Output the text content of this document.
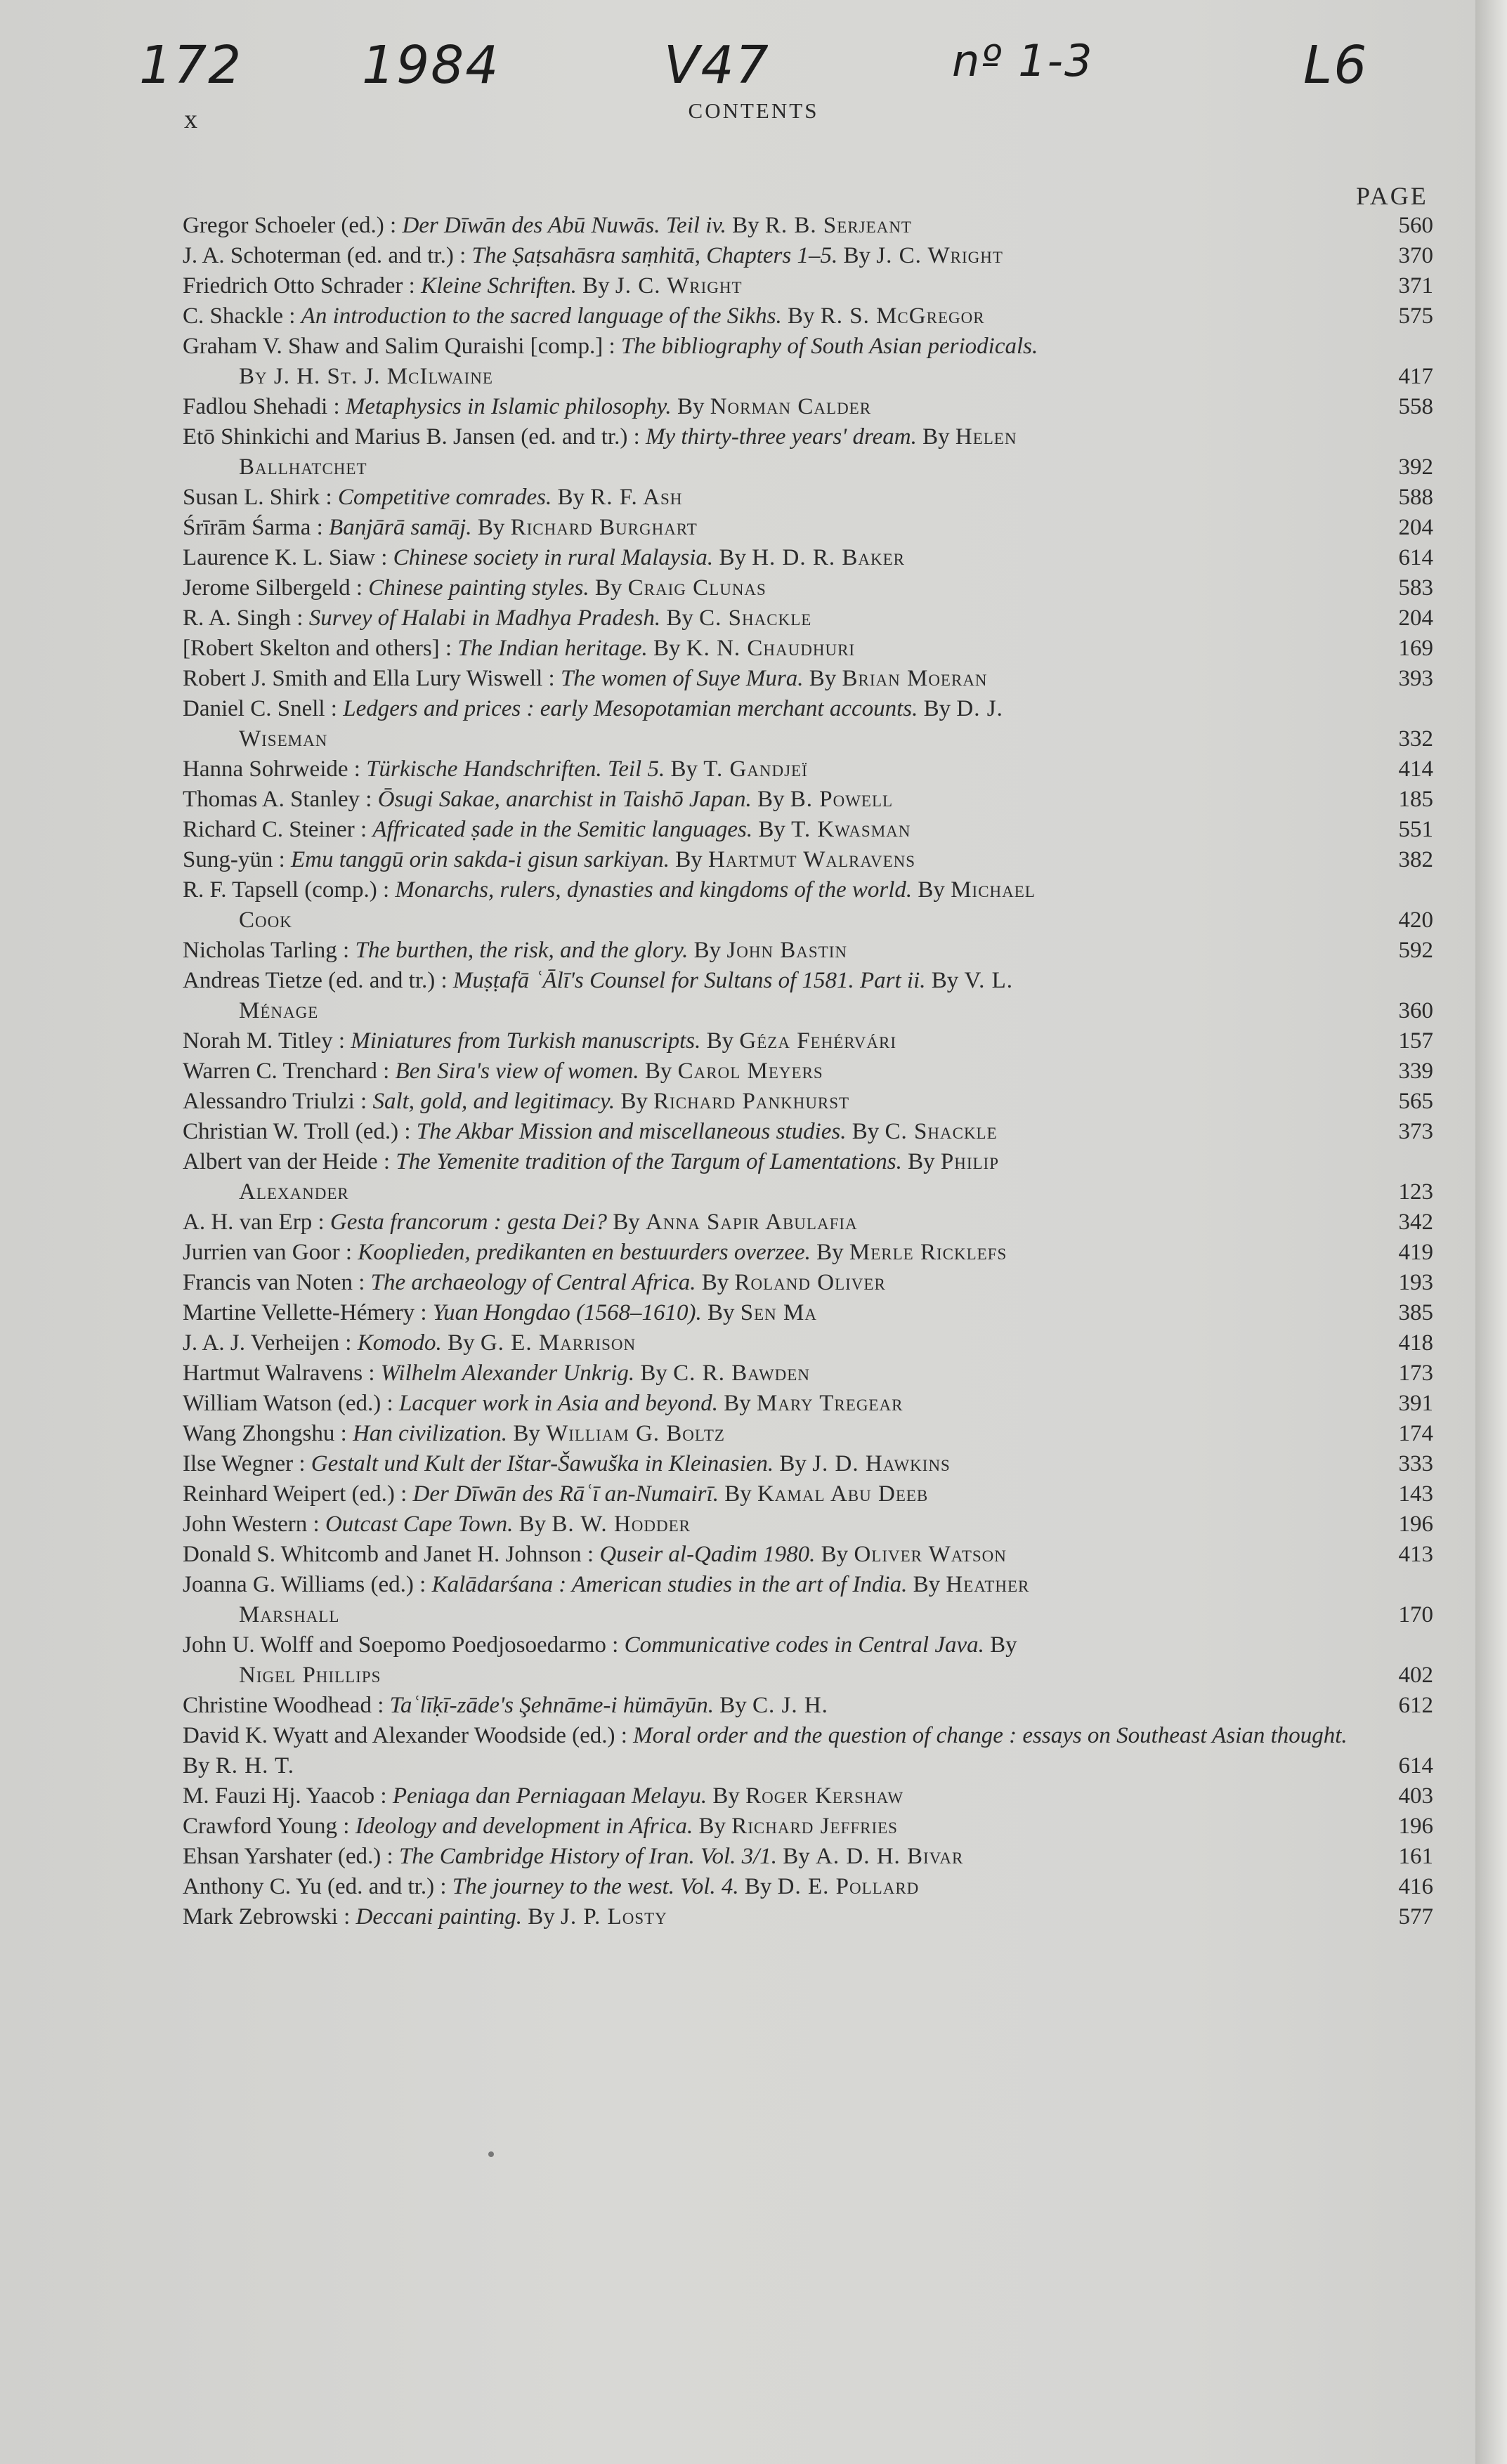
172 1984	V47	nº 1-3	L6
x	CONTENTS
PAGE
Gregor Schoeler (ed.) : Der Dīwān des Abū Nuwās. Teil iv. By R. B. Serjeant	560
J. A. Schoterman (ed. and tr.) : The Ṣaṭsahāsra saṃhitā, Chapters 1–5. By J. C. Wright	370
Friedrich Otto Schrader : Kleine Schriften. By J. C. Wright	371
C. Shackle : An introduction to the sacred language of the Sikhs. By R. S. McGregor	575
Graham V. Shaw and Salim Quraishi [comp.] : The bibliography of South Asian periodicals.
By J. H. St. J. McIlwaine	417
Fadlou Shehadi : Metaphysics in Islamic philosophy. By Norman Calder	558
Etō Shinkichi and Marius B. Jansen (ed. and tr.) : My thirty-three years' dream. By Helen
Ballhatchet	392
Susan L. Shirk : Competitive comrades. By R. F. Ash	588
Śrīrām Śarma : Banjārā samāj. By Richard Burghart	204
Laurence K. L. Siaw : Chinese society in rural Malaysia. By H. D. R. Baker	614
Jerome Silbergeld : Chinese painting styles. By Craig Clunas	583
R. A. Singh : Survey of Halabi in Madhya Pradesh. By C. Shackle	204
[Robert Skelton and others] : The Indian heritage. By K. N. Chaudhuri	169
Robert J. Smith and Ella Lury Wiswell : The women of Suye Mura. By Brian Moeran	393
Daniel C. Snell : Ledgers and prices : early Mesopotamian merchant accounts. By D. J.
Wiseman	332
Hanna Sohrweide : Türkische Handschriften. Teil 5. By T. Gandjeï	414
Thomas A. Stanley : Ōsugi Sakae, anarchist in Taishō Japan. By B. Powell	185
Richard C. Steiner : Affricated ṣade in the Semitic languages. By T. Kwasman	551
Sung-yün : Emu tanggū orin sakda-i gisun sarkiyan. By Hartmut Walravens	382
R. F. Tapsell (comp.) : Monarchs, rulers, dynasties and kingdoms of the world. By Michael
Cook	420
Nicholas Tarling : The burthen, the risk, and the glory. By John Bastin	592
Andreas Tietze (ed. and tr.) : Muṣṭafā ʿĀlī's Counsel for Sultans of 1581. Part ii. By V. L.
Ménage	360
Norah M. Titley : Miniatures from Turkish manuscripts. By Géza Fehérvári	157
Warren C. Trenchard : Ben Sira's view of women. By Carol Meyers	339
Alessandro Triulzi : Salt, gold, and legitimacy. By Richard Pankhurst	565
Christian W. Troll (ed.) : The Akbar Mission and miscellaneous studies. By C. Shackle	373
Albert van der Heide : The Yemenite tradition of the Targum of Lamentations. By Philip
Alexander	123
A. H. van Erp : Gesta francorum : gesta Dei? By Anna Sapir Abulafia	342
Jurrien van Goor : Kooplieden, predikanten en bestuurders overzee. By Merle Ricklefs	419
Francis van Noten : The archaeology of Central Africa. By Roland Oliver	193
Martine Vellette-Hémery : Yuan Hongdao (1568–1610). By Sen Ma	385
J. A. J. Verheijen : Komodo. By G. E. Marrison	418
Hartmut Walravens : Wilhelm Alexander Unkrig. By C. R. Bawden	173
William Watson (ed.) : Lacquer work in Asia and beyond. By Mary Tregear	391
Wang Zhongshu : Han civilization. By William G. Boltz	174
Ilse Wegner : Gestalt und Kult der Ištar-Šawuška in Kleinasien. By J. D. Hawkins	333
Reinhard Weipert (ed.) : Der Dīwān des Rāʿī an-Numairī. By Kamal Abu Deeb	143
John Western : Outcast Cape Town. By B. W. Hodder	196
Donald S. Whitcomb and Janet H. Johnson : Quseir al-Qadim 1980. By Oliver Watson	413
Joanna G. Williams (ed.) : Kalādarśana : American studies in the art of India. By Heather
Marshall	170
John U. Wolff and Soepomo Poedjosoedarmo : Communicative codes in Central Java. By
Nigel Phillips	402
Christine Woodhead : Taʿlīḳī-zāde's Şehnāme-i hümāyūn. By C. J. H.	612
David K. Wyatt and Alexander Woodside (ed.) : Moral order and the question of change : essays on Southeast Asian thought. By R. H. T.	614
M. Fauzi Hj. Yaacob : Peniaga dan Perniagaan Melayu. By Roger Kershaw	403
Crawford Young : Ideology and development in Africa. By Richard Jeffries	196
Ehsan Yarshater (ed.) : The Cambridge History of Iran. Vol. 3/1. By A. D. H. Bivar	161
Anthony C. Yu (ed. and tr.) : The journey to the west. Vol. 4. By D. E. Pollard	416
Mark Zebrowski : Deccani painting. By J. P. Losty	577
